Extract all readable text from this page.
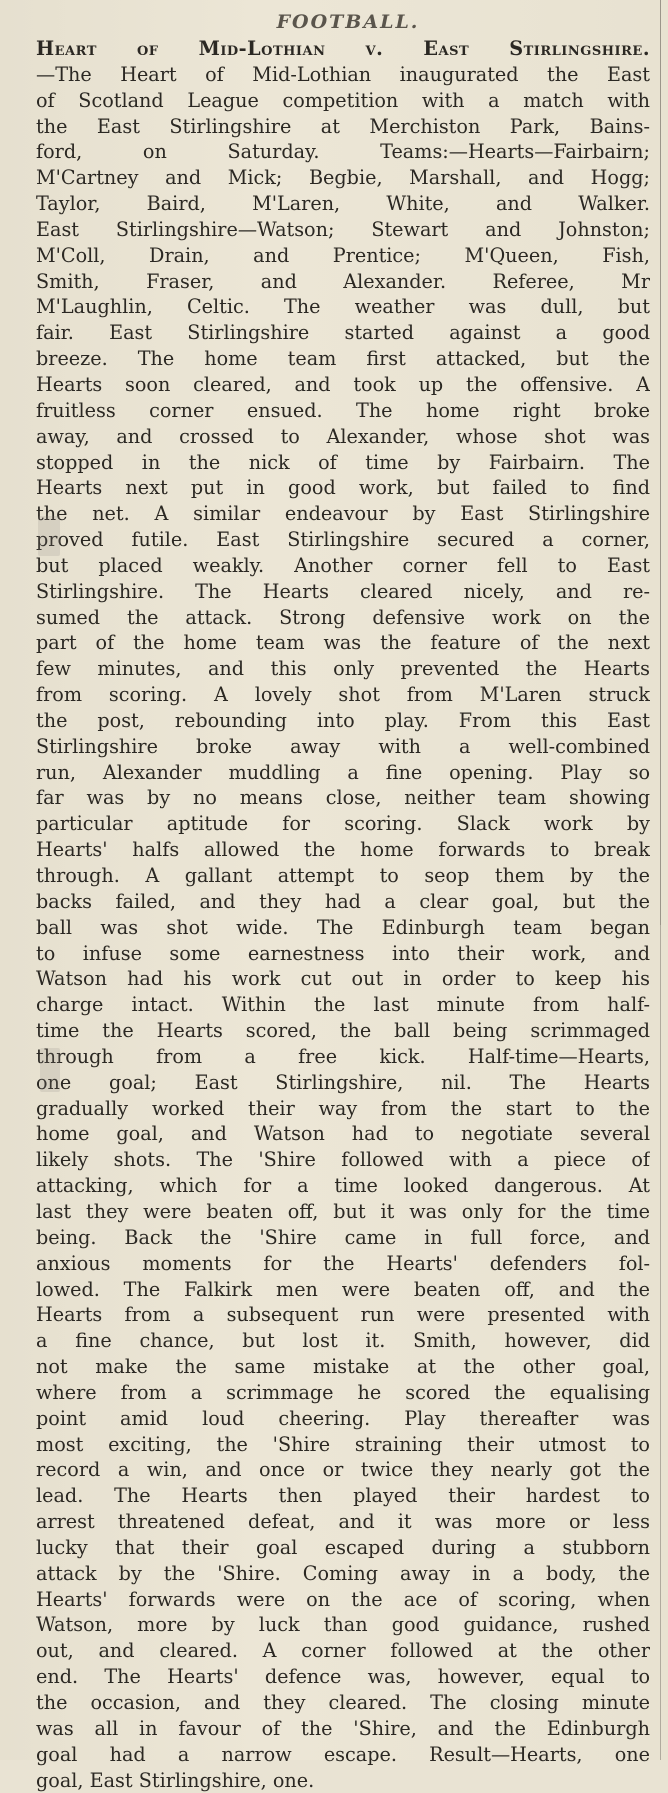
FOOTBALL.
Heart of Mid-Lothian v. East Stirlingshire.
—The Heart of Mid-Lothian inaugurated the East
of Scotland League competition with a match with
the East Stirlingshire at Merchiston Park, Bains-
ford, on Saturday. Teams:—Hearts—Fairbairn;
M'Cartney and Mick; Begbie, Marshall, and Hogg;
Taylor, Baird, M'Laren, White, and Walker.
East Stirlingshire—Watson; Stewart and Johnston;
M'Coll, Drain, and Prentice; M'Queen, Fish,
Smith, Fraser, and Alexander. Referee, Mr
M'Laughlin, Celtic. The weather was dull, but
fair. East Stirlingshire started against a good
breeze. The home team first attacked, but the
Hearts soon cleared, and took up the offensive. A
fruitless corner ensued. The home right broke
away, and crossed to Alexander, whose shot was
stopped in the nick of time by Fairbairn. The
Hearts next put in good work, but failed to find
the net. A similar endeavour by East Stirlingshire
proved futile. East Stirlingshire secured a corner,
but placed weakly. Another corner fell to East
Stirlingshire. The Hearts cleared nicely, and re-
sumed the attack. Strong defensive work on the
part of the home team was the feature of the next
few minutes, and this only prevented the Hearts
from scoring. A lovely shot from M'Laren struck
the post, rebounding into play. From this East
Stirlingshire broke away with a well-combined
run, Alexander muddling a fine opening. Play so
far was by no means close, neither team showing
particular aptitude for scoring. Slack work by
Hearts' halfs allowed the home forwards to break
through. A gallant attempt to seop them by the
backs failed, and they had a clear goal, but the
ball was shot wide. The Edinburgh team began
to infuse some earnestness into their work, and
Watson had his work cut out in order to keep his
charge intact. Within the last minute from half-
time the Hearts scored, the ball being scrimmaged
through from a free kick. Half-time—Hearts,
one goal; East Stirlingshire, nil. The Hearts
gradually worked their way from the start to the
home goal, and Watson had to negotiate several
likely shots. The 'Shire followed with a piece of
attacking, which for a time looked dangerous. At
last they were beaten off, but it was only for the time
being. Back the 'Shire came in full force, and
anxious moments for the Hearts' defenders fol-
lowed. The Falkirk men were beaten off, and the
Hearts from a subsequent run were presented with
a fine chance, but lost it. Smith, however, did
not make the same mistake at the other goal,
where from a scrimmage he scored the equalising
point amid loud cheering. Play thereafter was
most exciting, the 'Shire straining their utmost to
record a win, and once or twice they nearly got the
lead. The Hearts then played their hardest to
arrest threatened defeat, and it was more or less
lucky that their goal escaped during a stubborn
attack by the 'Shire. Coming away in a body, the
Hearts' forwards were on the ace of scoring, when
Watson, more by luck than good guidance, rushed
out, and cleared. A corner followed at the other
end. The Hearts' defence was, however, equal to
the occasion, and they cleared. The closing minute
was all in favour of the 'Shire, and the Edinburgh
goal had a narrow escape. Result—Hearts, one
goal, East Stirlingshire, one.
